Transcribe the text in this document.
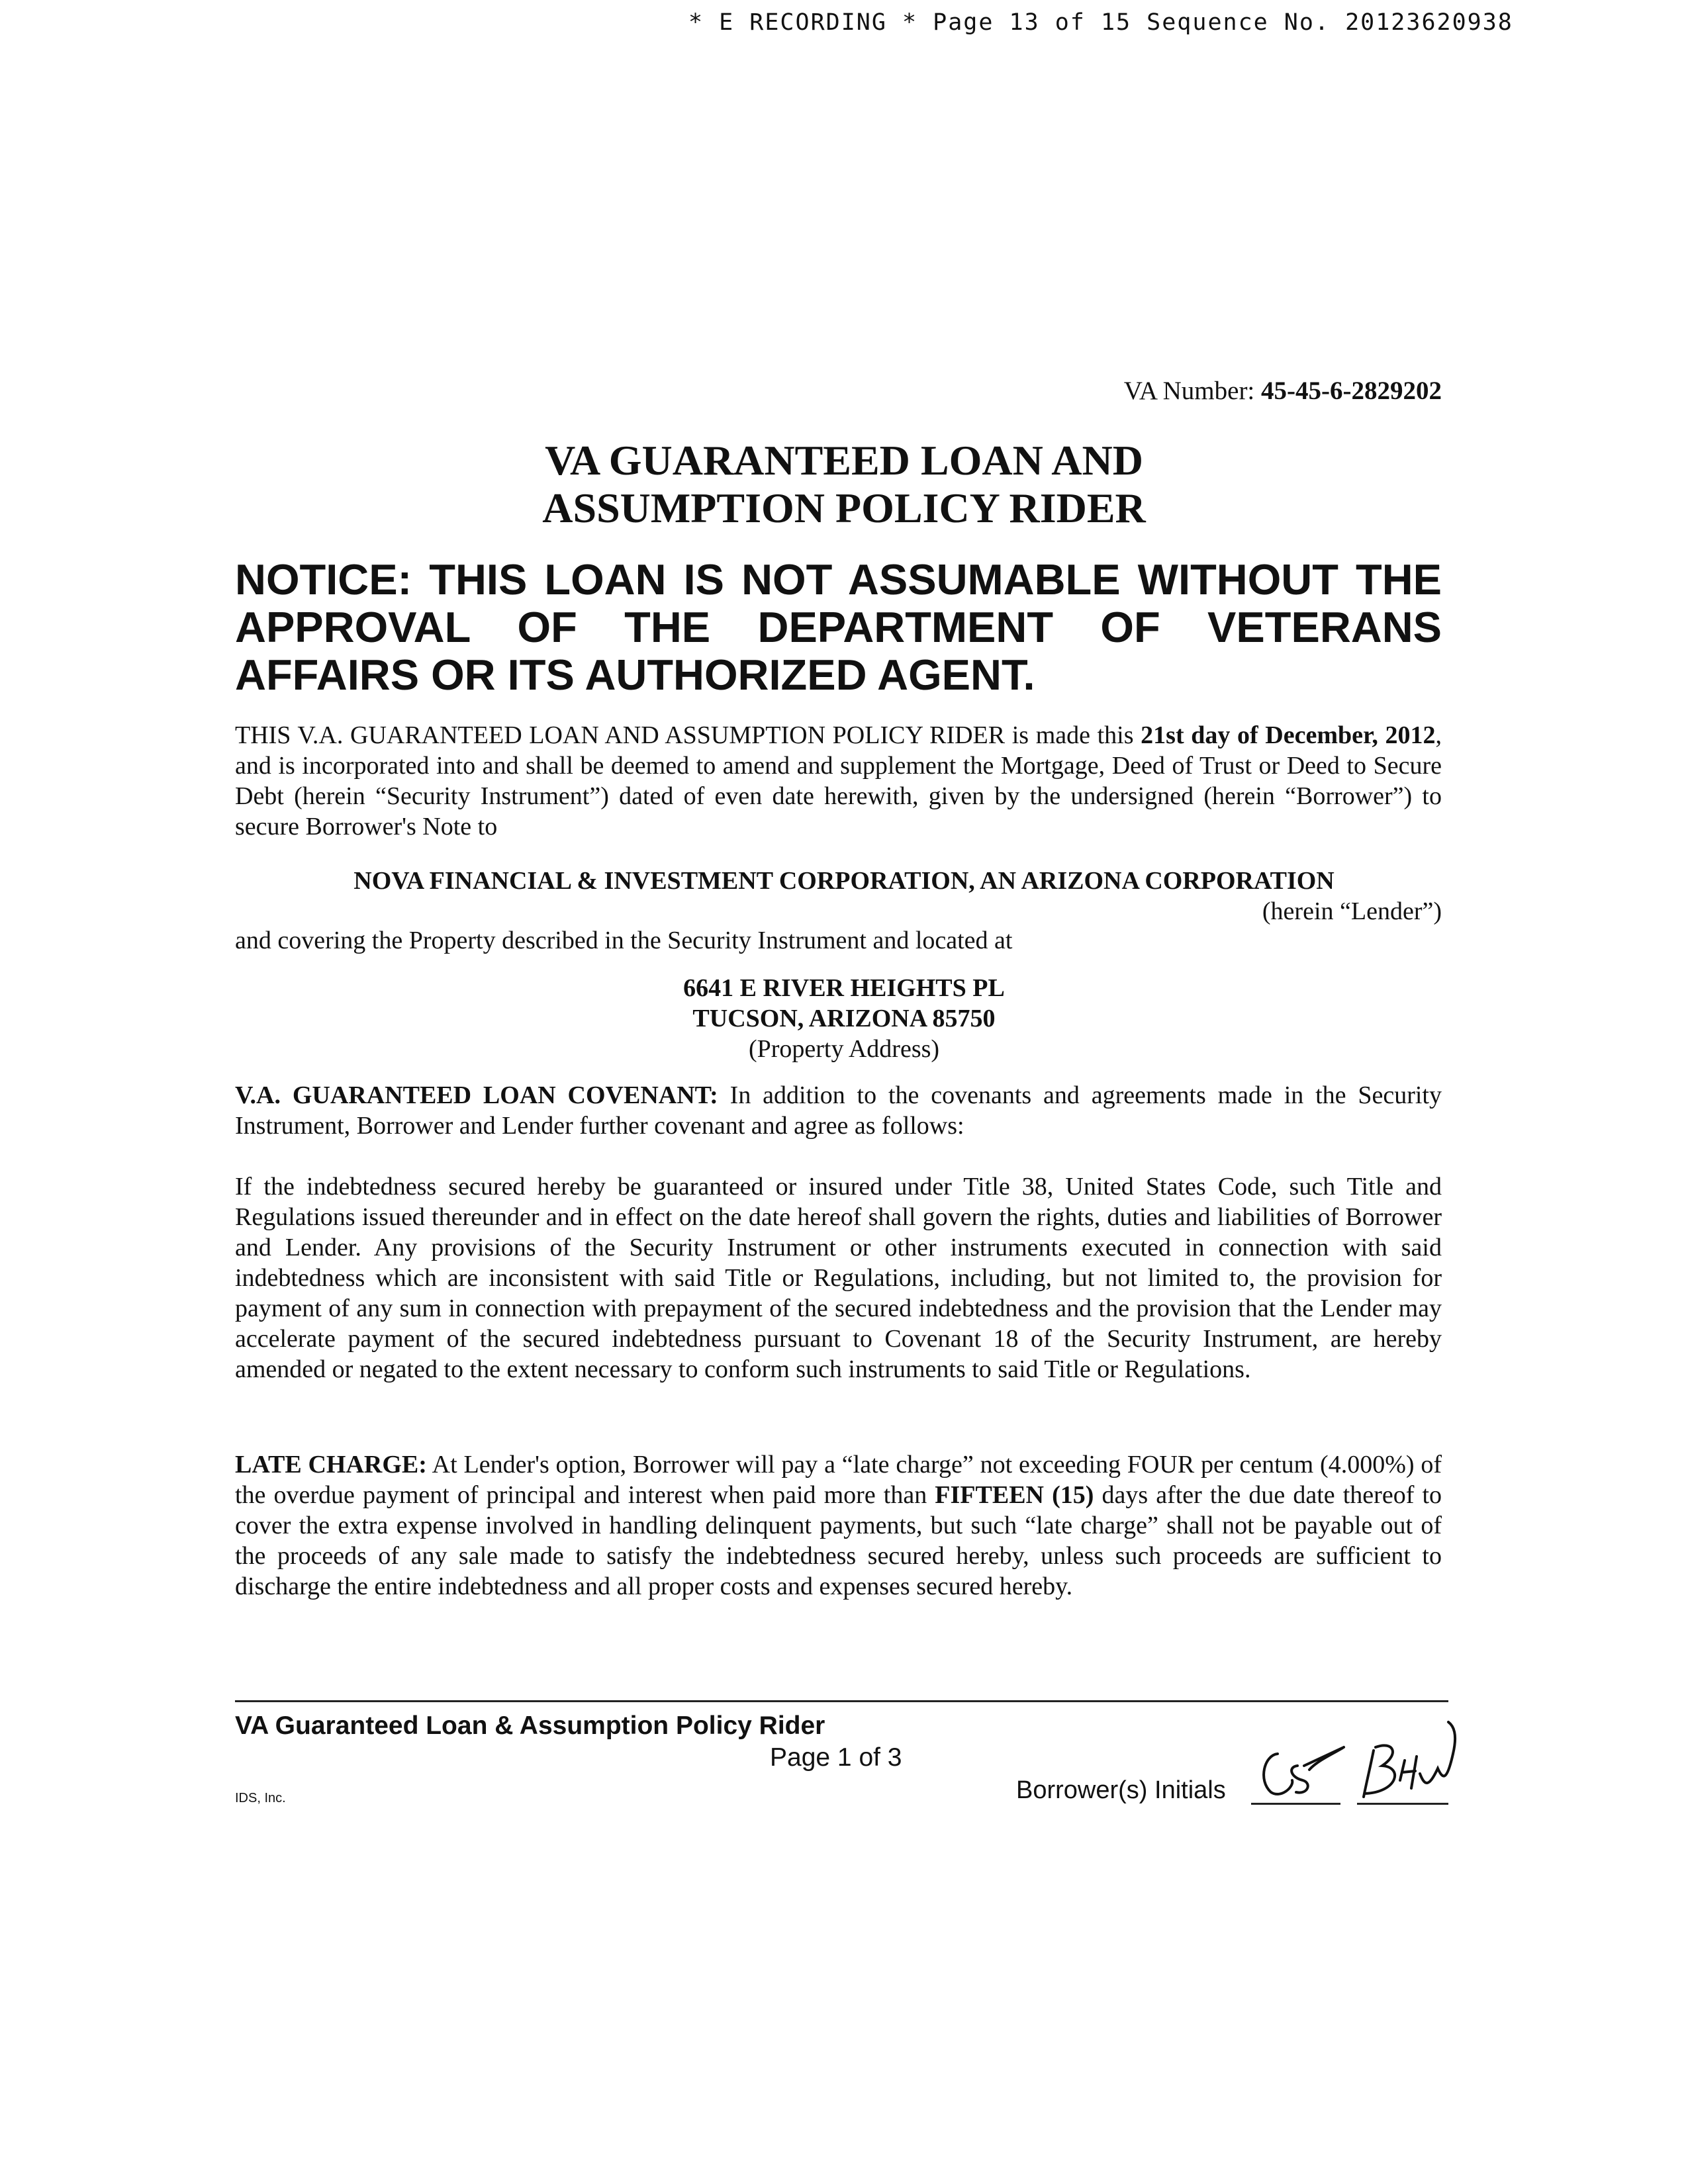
* E RECORDING * Page 13 of 15 Sequence No. 20123620938
VA Number: 45-45-6-2829202
VA GUARANTEED LOAN AND
ASSUMPTION POLICY RIDER
NOTICE: THIS LOAN IS NOT ASSUMABLE WITHOUT THE APPROVAL OF THE DEPARTMENT OF VETERANS AFFAIRS OR ITS AUTHORIZED AGENT.
THIS V.A. GUARANTEED LOAN AND ASSUMPTION POLICY RIDER is made this 21st day of December, 2012, and is incorporated into and shall be deemed to amend and supplement the Mortgage, Deed of Trust or Deed to Secure Debt (herein “Security Instrument”) dated of even date herewith, given by the undersigned (herein “Borrower”) to secure Borrower's Note to
NOVA FINANCIAL & INVESTMENT CORPORATION, AN ARIZONA CORPORATION
(herein “Lender”)
and covering the Property described in the Security Instrument and located at
6641 E RIVER HEIGHTS PL
TUCSON, ARIZONA 85750
(Property Address)
V.A. GUARANTEED LOAN COVENANT: In addition to the covenants and agreements made in the Security Instrument, Borrower and Lender further covenant and agree as follows:
If the indebtedness secured hereby be guaranteed or insured under Title 38, United States Code, such Title and Regulations issued thereunder and in effect on the date hereof shall govern the rights, duties and liabilities of Borrower and Lender. Any provisions of the Security Instrument or other instruments executed in connection with said indebtedness which are inconsistent with said Title or Regulations, including, but not limited to, the provision for payment of any sum in connection with prepayment of the secured indebtedness and the provision that the Lender may accelerate payment of the secured indebtedness pursuant to Covenant 18 of the Security Instrument, are hereby amended or negated to the extent necessary to conform such instruments to said Title or Regulations.
LATE CHARGE: At Lender's option, Borrower will pay a “late charge” not exceeding FOUR per centum (4.000%) of the overdue payment of principal and interest when paid more than FIFTEEN (15) days after the due date thereof to cover the extra expense involved in handling delinquent payments, but such “late charge” shall not be payable out of the proceeds of any sale made to satisfy the indebtedness secured hereby, unless such proceeds are sufficient to discharge the entire indebtedness and all proper costs and expenses secured hereby.
VA Guaranteed Loan & Assumption Policy Rider
Page 1 of 3
IDS, Inc.	Borrower(s) Initials
